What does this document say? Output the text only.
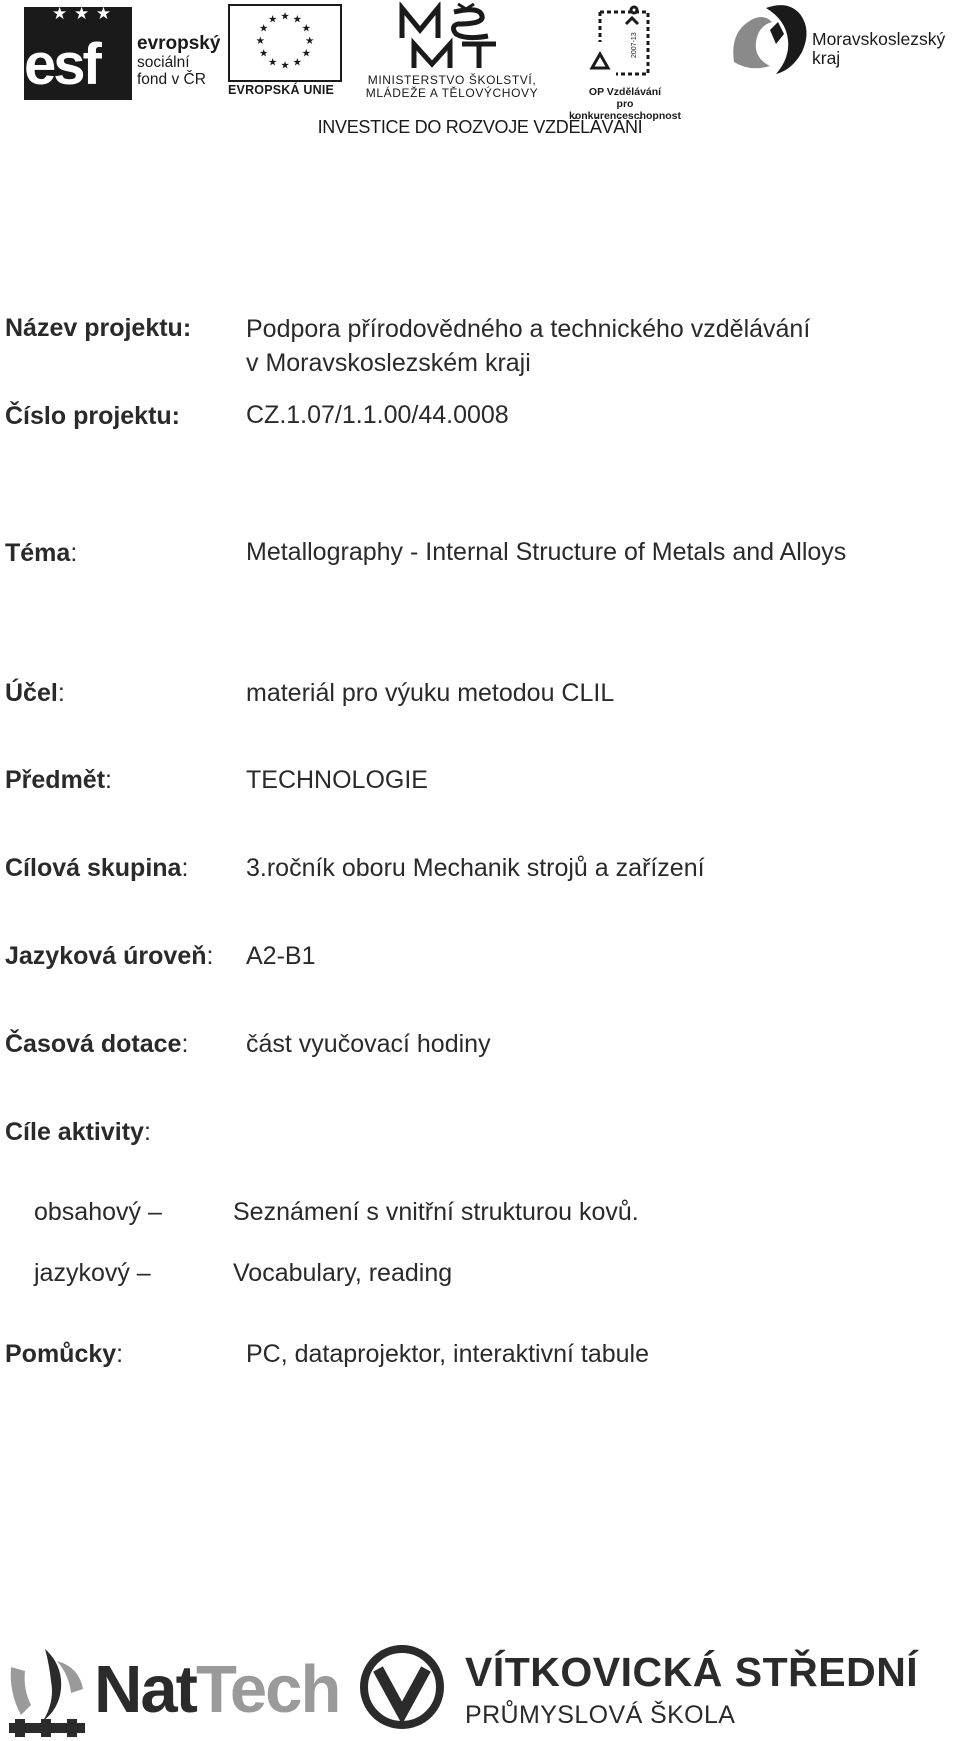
★ ★ ★
esf evropský
sociální
fond v ČR
★ ★
★
★
★
★
★
★
★
★
★
★
EVROPSKÁ UNIE
MINISTERSTVO ŠKOLSTVÍ,
MLÁDEŽE A TĚLOVÝCHOVY
2007-13
OP Vzdělávání
pro konkurenceschopnost
Moravskoslezský
kraj
INVESTICE DO ROZVOJE VZDĚLÁVÁNÍ
Název projektu: Podpora přírodovědného a technického vzdělávání
v Moravskoslezském kraji
Číslo projektu:	CZ.1.07/1.1.00/44.0008
Téma:	Metallography - Internal Structure of Metals and Alloys
Účel:	materiál pro výuku metodou CLIL
Předmět:	TECHNOLOGIE
Cílová skupina: 3.ročník oboru Mechanik strojů a zařízení
Jazyková úroveň: A2-B1
Časová dotace: část vyučovací hodiny
Cíle aktivity:
obsahový –	Seznámení s vnitřní strukturou kovů.
jazykový –	Vocabulary, reading
Pomůcky:	PC, dataprojektor, interaktivní tabule
NatTech	VÍTKOVICKÁ STŘEDNÍ
PRŮMYSLOVÁ ŠKOLA
